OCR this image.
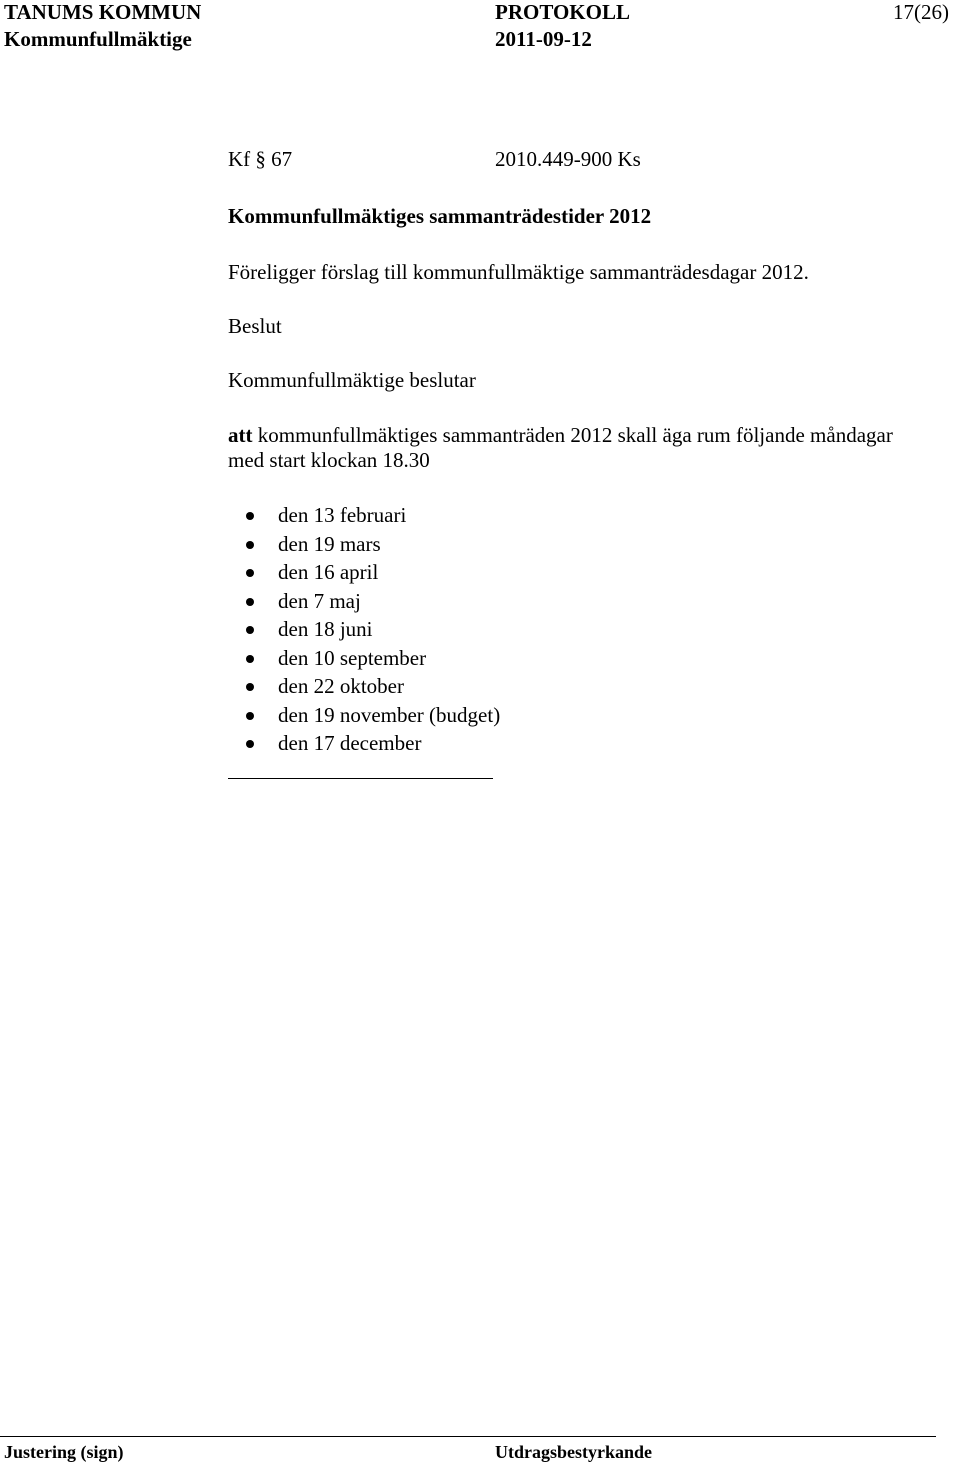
TANUMS KOMMUN	PROTOKOLL	17(26)
Kommunfullmäktige	2011-09-12
Kf § 67	2010.449-900 Ks
Kommunfullmäktiges sammanträdestider 2012
Föreligger förslag till kommunfullmäktige sammanträdesdagar 2012.
Beslut
Kommunfullmäktige beslutar
att kommunfullmäktiges sammanträden 2012 skall äga rum följande måndagar
med start klockan 18.30
den 13 februari
den 19 mars
den 16 april
den 7 maj
den 18 juni
den 10 september
den 22 oktober
den 19 november (budget)
den 17 december
Justering (sign)	Utdragsbestyrkande
